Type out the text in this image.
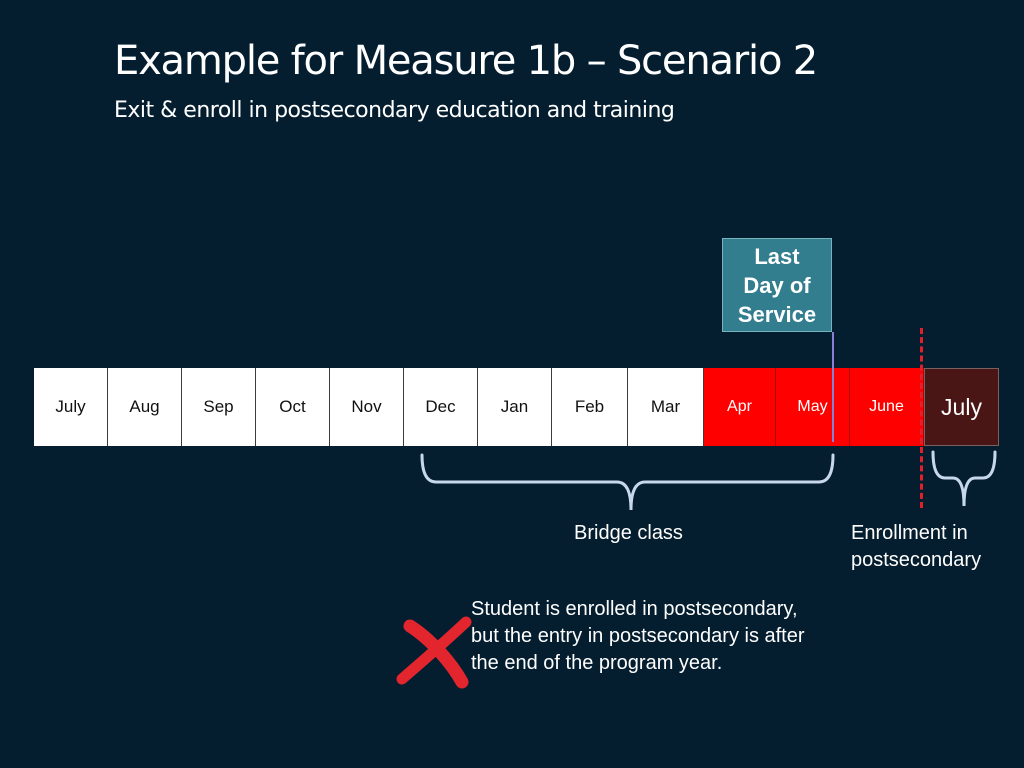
Example for Measure 1b – Scenario 2
Exit & enroll in postsecondary education and training
Last
Day of
Service
July	Aug	Sep	Oct	Nov	Dec	Jan	Feb	Mar	Apr	May	June	July
Bridge class	Enrollment in
postsecondary
Student is enrolled in postsecondary, but the entry in postsecondary is after the end of the program year.
